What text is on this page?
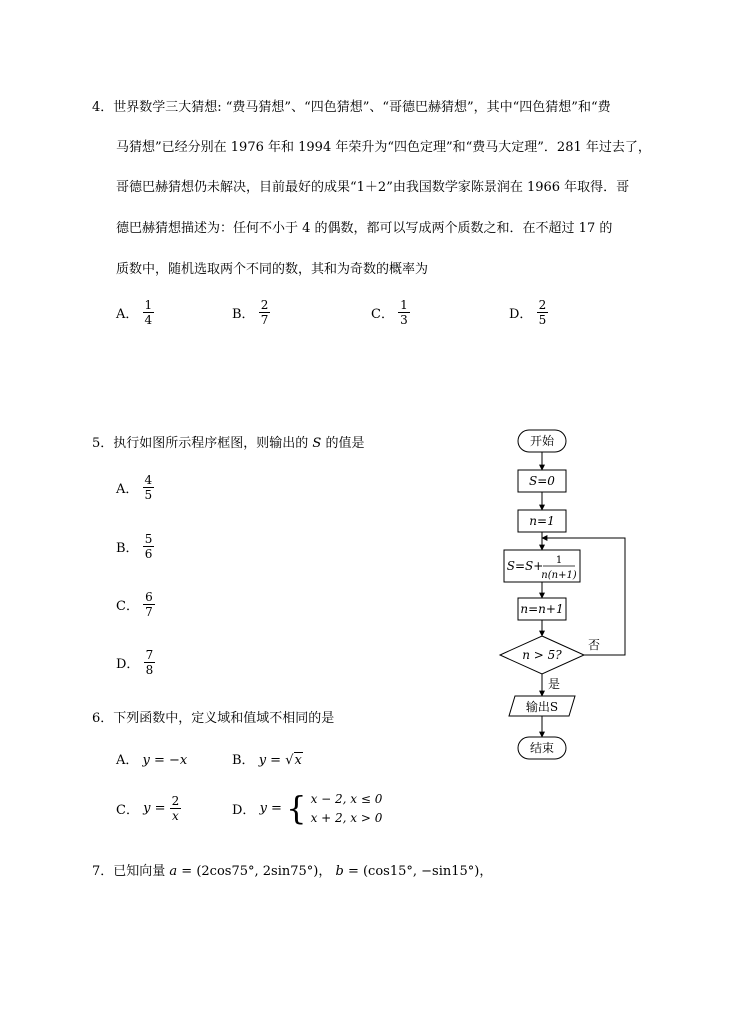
4．世界数学三大猜想: “费马猜想”、“四色猜想”、“哥德巴赫猜想”，其中“四色猜想”和“费
马猜想”已经分别在 1976 年和 1994 年荣升为“四色定理”和“费马大定理”．281 年过去了，
哥德巴赫猜想仍未解决，目前最好的成果“1＋2”由我国数学家陈景润在 1966 年取得．哥
德巴赫猜想描述为：任何不小于 4 的偶数，都可以写成两个质数之和．在不超过 17 的
质数中，随机选取两个不同的数，其和为奇数的概率为
A． $\frac{1}{4}$	B． $\frac{2}{7}$	C． $\frac{1}{3}$	D． $\frac{2}{5}$
5．执行如图所示程序框图，则输出的 S 的值是
A． $\frac{4}{5}$
B． $\frac{5}{6}$
C． $\frac{6}{7}$
D． $\frac{7}{8}$
开始
S=0
n=1
S=S+ 1
n(n+1)
n=n+1
n > 5?
否
是
输出S
结束
6．下列函数中，定义域和值域不相同的是
A． y = −x	B． y = √x
C． $y = \frac{2}{x}$	D． y = { x − 2, x ≤ 0
x + 2, x > 0
7．已知向量 a = (2cos75°, 2sin75°)， b = (cos15°, −sin15°)，
